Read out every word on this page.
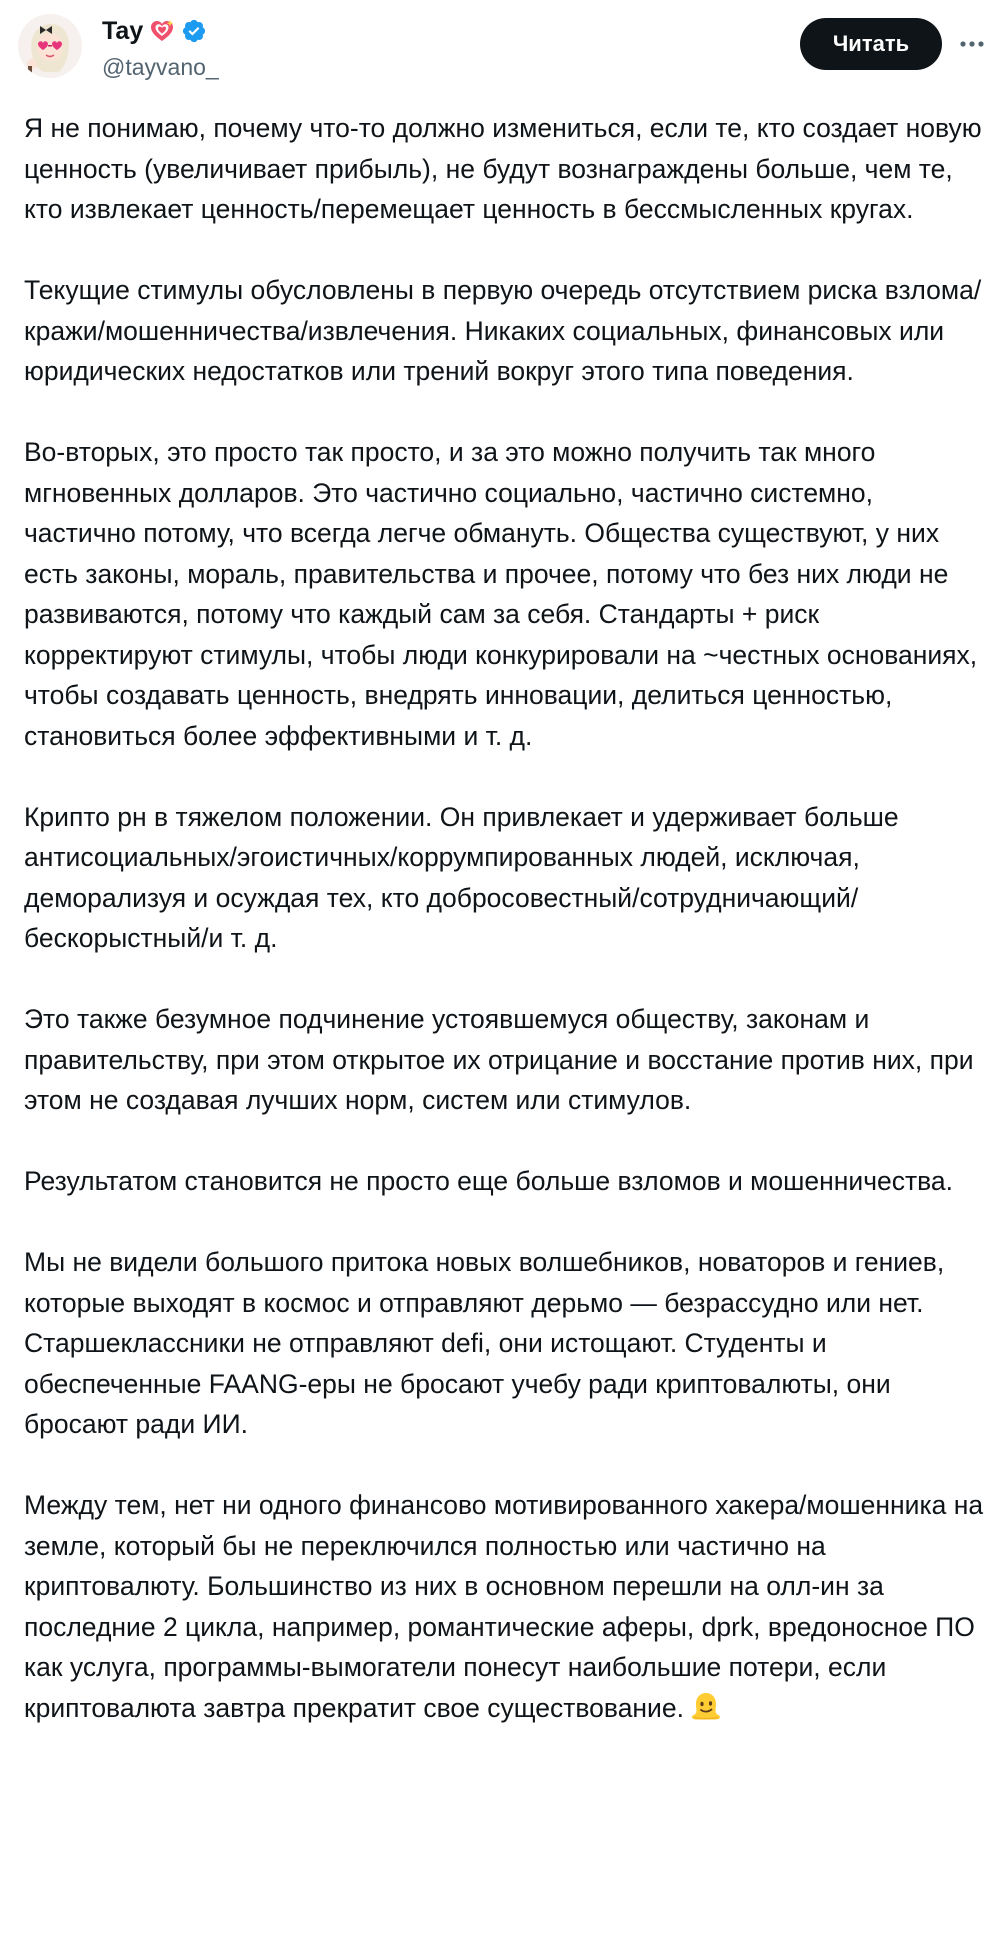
Tay
@tayvano_
Читать

Я не понимаю, почему что-то должно измениться, если те, кто создает новую ценность (увеличивает прибыль), не будут вознаграждены больше, чем те, кто извлекает ценность/перемещает ценность в бессмысленных кругах.

Текущие стимулы обусловлены в первую очередь отсутствием риска взлома/кражи/мошенничества/извлечения. Никаких социальных, финансовых или юридических недостатков или трений вокруг этого типа поведения.

Во-вторых, это просто так просто, и за это можно получить так много мгновенных долларов. Это частично социально, частично системно, частично потому, что всегда легче обмануть. Общества существуют, у них есть законы, мораль, правительства и прочее, потому что без них люди не развиваются, потому что каждый сам за себя. Стандарты + риск корректируют стимулы, чтобы люди конкурировали на ~честных основаниях, чтобы создавать ценность, внедрять инновации, делиться ценностью, становиться более эффективными и т. д.

Крипто рн в тяжелом положении. Он привлекает и удерживает больше антисоциальных/эгоистичных/коррумпированных людей, исключая, деморализуя и осуждая тех, кто добросовестный/сотрудничающий/бескорыстный/и т. д.

Это также безумное подчинение устоявшемуся обществу, законам и правительству, при этом открытое их отрицание и восстание против них, при этом не создавая лучших норм, систем или стимулов.

Результатом становится не просто еще больше взломов и мошенничества.

Мы не видели большого притока новых волшебников, новаторов и гениев, которые выходят в космос и отправляют дерьмо — безрассудно или нет. Старшеклассники не отправляют defi, они истощают. Студенты и обеспеченные FAANG-еры не бросают учебу ради криптовалюты, они бросают ради ИИ.

Между тем, нет ни одного финансово мотивированного хакера/мошенника на земле, который бы не переключился полностью или частично на криптовалюту. Большинство из них в основном перешли на олл-ин за последние 2 цикла, например, романтические аферы, dprk, вредоносное ПО как услуга, программы-вымогатели понесут наибольшие потери, если криптовалюта завтра прекратит свое существование.
